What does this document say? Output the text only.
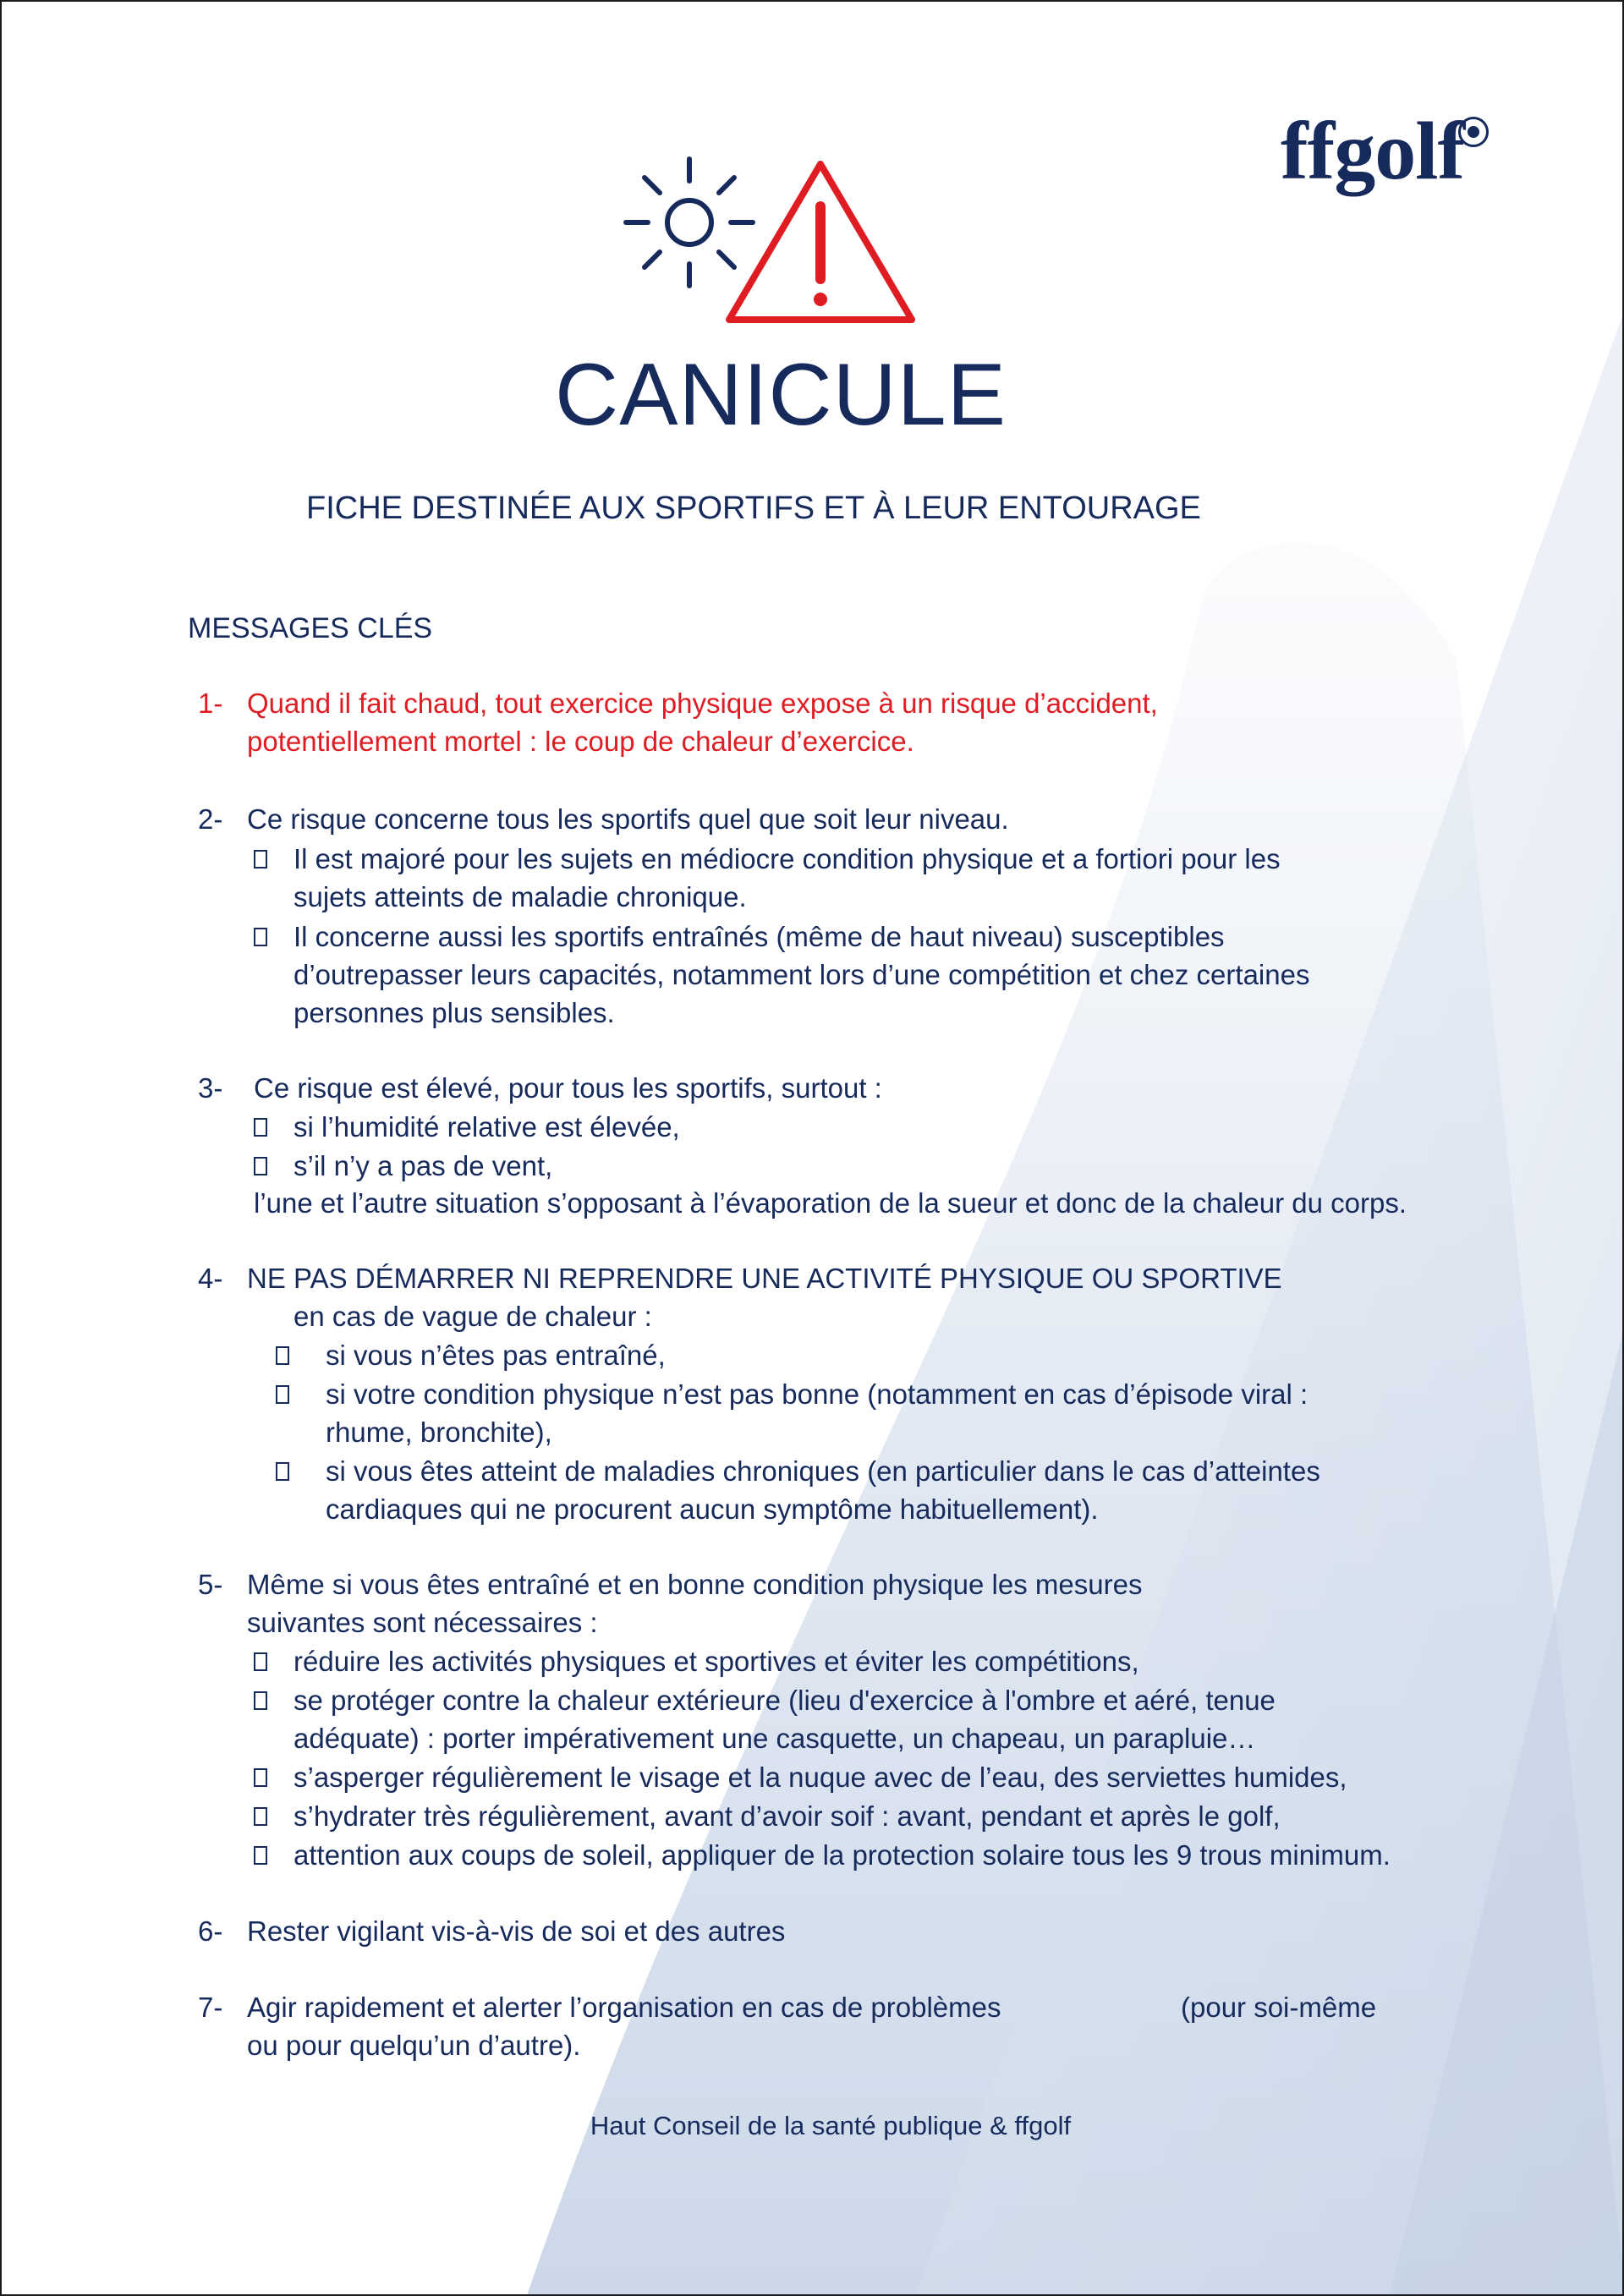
ffgolf
CANICULE
FICHE DESTINÉE AUX SPORTIFS ET À LEUR ENTOURAGE
MESSAGES CLÉS
1- Quand il fait chaud, tout exercice physique expose à un risque d’accident,
potentiellement mortel : le coup de chaleur d’exercice.
2- Ce risque concerne tous les sportifs quel que soit leur niveau.
Il est majoré pour les sujets en médiocre condition physique et a fortiori pour les
sujets atteints de maladie chronique.
Il concerne aussi les sportifs entraînés (même de haut niveau) susceptibles
d’outrepasser leurs capacités, notamment lors d’une compétition et chez certaines
personnes plus sensibles.
3- Ce risque est élevé, pour tous les sportifs, surtout :
si l’humidité relative est élevée,
s’il n’y a pas de vent,
l’une et l’autre situation s’opposant à l’évaporation de la sueur et donc de la chaleur du corps.
4- NE PAS DÉMARRER NI REPRENDRE UNE ACTIVITÉ PHYSIQUE OU SPORTIVE
en cas de vague de chaleur :
si vous n’êtes pas entraîné,
si votre condition physique n’est pas bonne (notamment en cas d’épisode viral :
rhume, bronchite),
si vous êtes atteint de maladies chroniques (en particulier dans le cas d’atteintes
cardiaques qui ne procurent aucun symptôme habituellement).
5- Même si vous êtes entraîné et en bonne condition physique les mesures
suivantes sont nécessaires :
réduire les activités physiques et sportives et éviter les compétitions,
se protéger contre la chaleur extérieure (lieu d'exercice à l'ombre et aéré, tenue
adéquate) : porter impérativement une casquette, un chapeau, un parapluie…
s’asperger régulièrement le visage et la nuque avec de l’eau, des serviettes humides,
s’hydrater très régulièrement, avant d’avoir soif : avant, pendant et après le golf,
attention aux coups de soleil, appliquer de la protection solaire tous les 9 trous minimum.
6- Rester vigilant vis-à-vis de soi et des autres
7- Agir rapidement et alerter l’organisation en cas de problèmes	(pour soi-même
ou pour quelqu’un d’autre).
Haut Conseil de la santé publique & ffgolf
